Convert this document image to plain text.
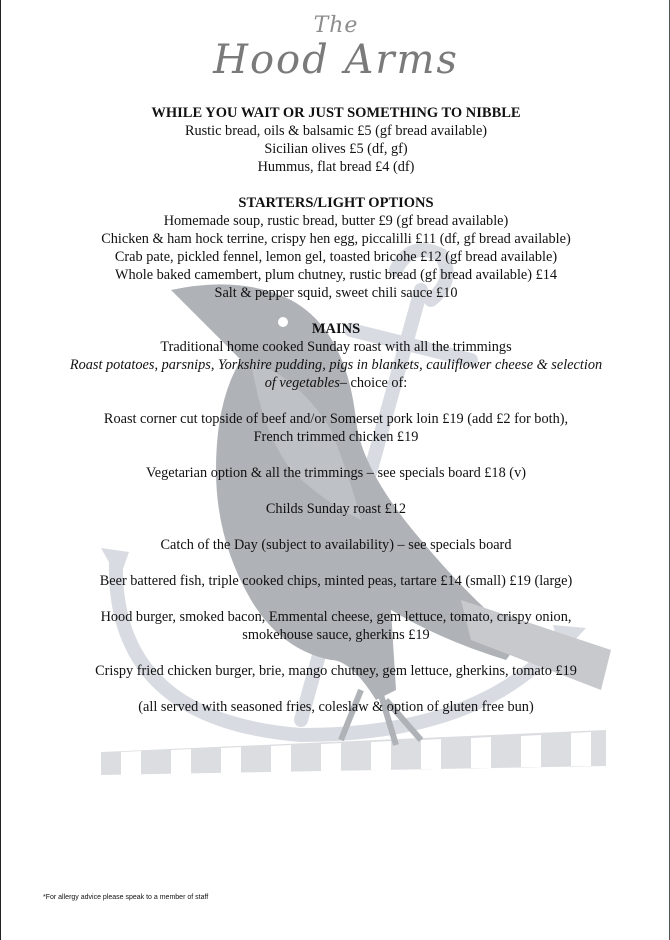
The
Hood Arms

WHILE YOU WAIT OR JUST SOMETHING TO NIBBLE

Rustic bread, oils & balsamic £5 (gf bread available)

Sicilian olives £5 (df, gf)

Hummus, flat bread £4 (df)

STARTERS/LIGHT OPTIONS

Homemade soup, rustic bread, butter £9 (gf bread available)

Chicken & ham hock terrine, crispy hen egg, piccalilli £11 (df, gf bread available)

Crab pate, pickled fennel, lemon gel, toasted bricohe £12 (gf bread available)

Whole baked camembert, plum chutney, rustic bread (gf bread available) £14

Salt & pepper squid, sweet chili sauce £10

MAINS

Traditional home cooked Sunday roast with all the trimmings

Roast potatoes, parsnips, Yorkshire pudding, pigs in blankets, cauliflower cheese & selection

of vegetables– choice of:

Roast corner cut topside of beef and/or Somerset pork loin £19 (add £2 for both),

French trimmed chicken £19

Vegetarian option & all the trimmings – see specials board £18 (v)

Childs Sunday roast £12

Catch of the Day (subject to availability) – see specials board

Beer battered fish, triple cooked chips, minted peas, tartare £14 (small) £19 (large)

Hood burger, smoked bacon, Emmental cheese, gem lettuce, tomato, crispy onion,

smokehouse sauce, gherkins £19

Crispy fried chicken burger, brie, mango chutney, gem lettuce, gherkins, tomato £19

(all served with seasoned fries, coleslaw & option of gluten free bun)

*For allergy advice please speak to a member of staff
